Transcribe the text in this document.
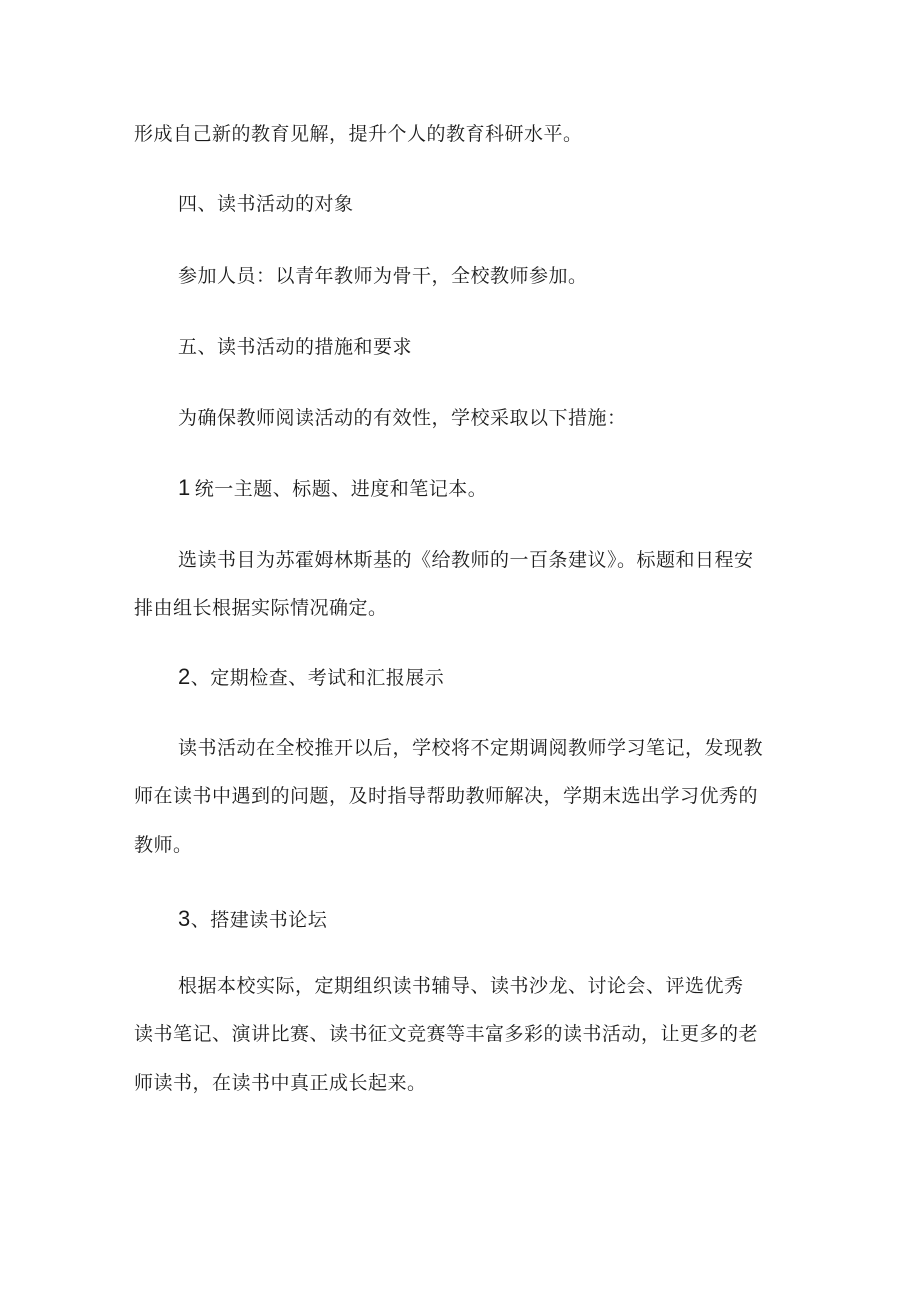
形成自己新的教育见解，提升个人的教育科研水平。
四、读书活动的对象
参加人员：以青年教师为骨干，全校教师参加。
五、读书活动的措施和要求
为确保教师阅读活动的有效性，学校采取以下措施：
1 统一主题、标题、进度和笔记本。
选读书目为苏霍姆林斯基的《给教师的一百条建议》。标题和日程安
排由组长根据实际情况确定。
2、定期检查、考试和汇报展示
读书活动在全校推开以后，学校将不定期调阅教师学习笔记，发现教
师在读书中遇到的问题，及时指导帮助教师解决，学期末选出学习优秀的
教师。
3、搭建读书论坛
根据本校实际，定期组织读书辅导、读书沙龙、讨论会、评选优秀
读书笔记、演讲比赛、读书征文竞赛等丰富多彩的读书活动，让更多的老
师读书，在读书中真正成长起来。
